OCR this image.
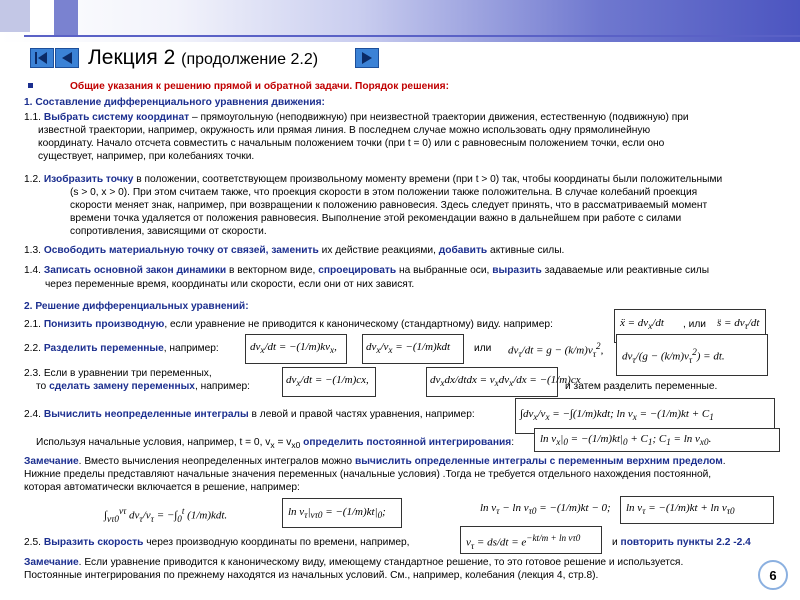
Лекция 2 (продолжение 2.2)
Общие указания к решению прямой и обратной задачи. Порядок решения:
1. Составление дифференциального уравнения движения:
1.1. Выбрать систему координат – прямоугольную (неподвижную) при неизвестной траектории движения, естественную (подвижную) при
известной траектории, например, окружность или прямая линия. В последнем случае можно использовать одну прямолинейную
координату. Начало отсчета совместить с начальным положением точки (при t = 0) или с равновесным положением точки, если оно
существует, например, при колебаниях точки.
1.2. Изобразить точку в положении, соответствующем произвольному моменту времени (при t > 0) так, чтобы координаты были положительными
(s > 0, x > 0). При этом считаем также, что проекция скорости в этом положении также положительна. В случае колебаний проекция
скорости меняет знак, например, при возвращении к положению равновесия. Здесь следует принять, что в рассматриваемый момент
времени точка удаляется от положения равновесия. Выполнение этой рекомендации важно в дальнейшем при работе с силами
сопротивления, зависящими от скорости.
1.3. Освободить материальную точку от связей, заменить их действие реакциями, добавить активные силы.
1.4. Записать основной закон динамики в векторном виде, спроецировать на выбранные оси, выразить задаваемые или реактивные силы
через переменные время, координаты или скорости, если они от них зависят.
2. Решение дифференциальных уравнений:
2.1. Понизить производную, если уравнение не приводится к каноническому (стандартному) виду. например:	ẍ = $dv_x/dt$ , или s̈ = $dv_\tau/dt$
2.2. Разделить переменные, например:	$dv_x/dt = -(1/m)kv_x$,	$dv_x/v_x = -(1/m)kdt$ или $dv_\tau/dt = g - (k/m)v_\tau^2$, $dv_\tau/(g - (k/m)v_\tau^2)$ = dt.
2.3. Если в уравнении три переменных,
то сделать замену переменных, например:
$dv_x/dt = -(1/m)cx$,	$dv_xdx$/dtdx = $v_xdv_x/dx = -(1/m)cx$
и затем разделить переменные.
2.4. Вычислить неопределенные интегралы в левой и правой частях уравнения, например:	$\int dv_x/v_x = -\int(1/m)kdt$; $\ln v_x = -(1/m)kt + C_1$
Используя начальные условия, например, t = 0, $v_x = v_{x0}$ определить постоянной интегрирования: $\ln v_x|_0 = -(1/m)kt|_0 + C_1$; $C_1 = \ln v_{x0}$.
Замечание. Вместо вычисления неопределенных интегралов можно вычислить определенные интегралы с переменным верхним пределом.
Нижние пределы представляют начальные значения переменных (начальные условия) .Тогда не требуется отдельного нахождения постоянной,
которая автоматически включается в решение, например:
$\int_{v\tau 0}^{v\tau}$ $dv_\tau/v_\tau = -\int_0^t$ (1/m)kdt.	$\ln v_\tau|_{v\tau 0} = -(1/m)kt|_0$;	$\ln v_\tau - \ln v_{\tau 0} = -(1/m)kt - 0$; $\ln v_\tau = -(1/m)kt + \ln v_{\tau 0}$
2.5. Выразить скорость через производную координаты по времени, например,	$v_\tau = ds/dt = e^{-kt/m + ln v\tau 0}$	и повторить пункты 2.2 -2.4
Замечание. Если уравнение приводится к каноническому виду, имеющему стандартное решение, то это готовое решение и используется.
Постоянные интегрирования по прежнему находятся из начальных условий. См., например, колебания (лекция 4, стр.8).	6
